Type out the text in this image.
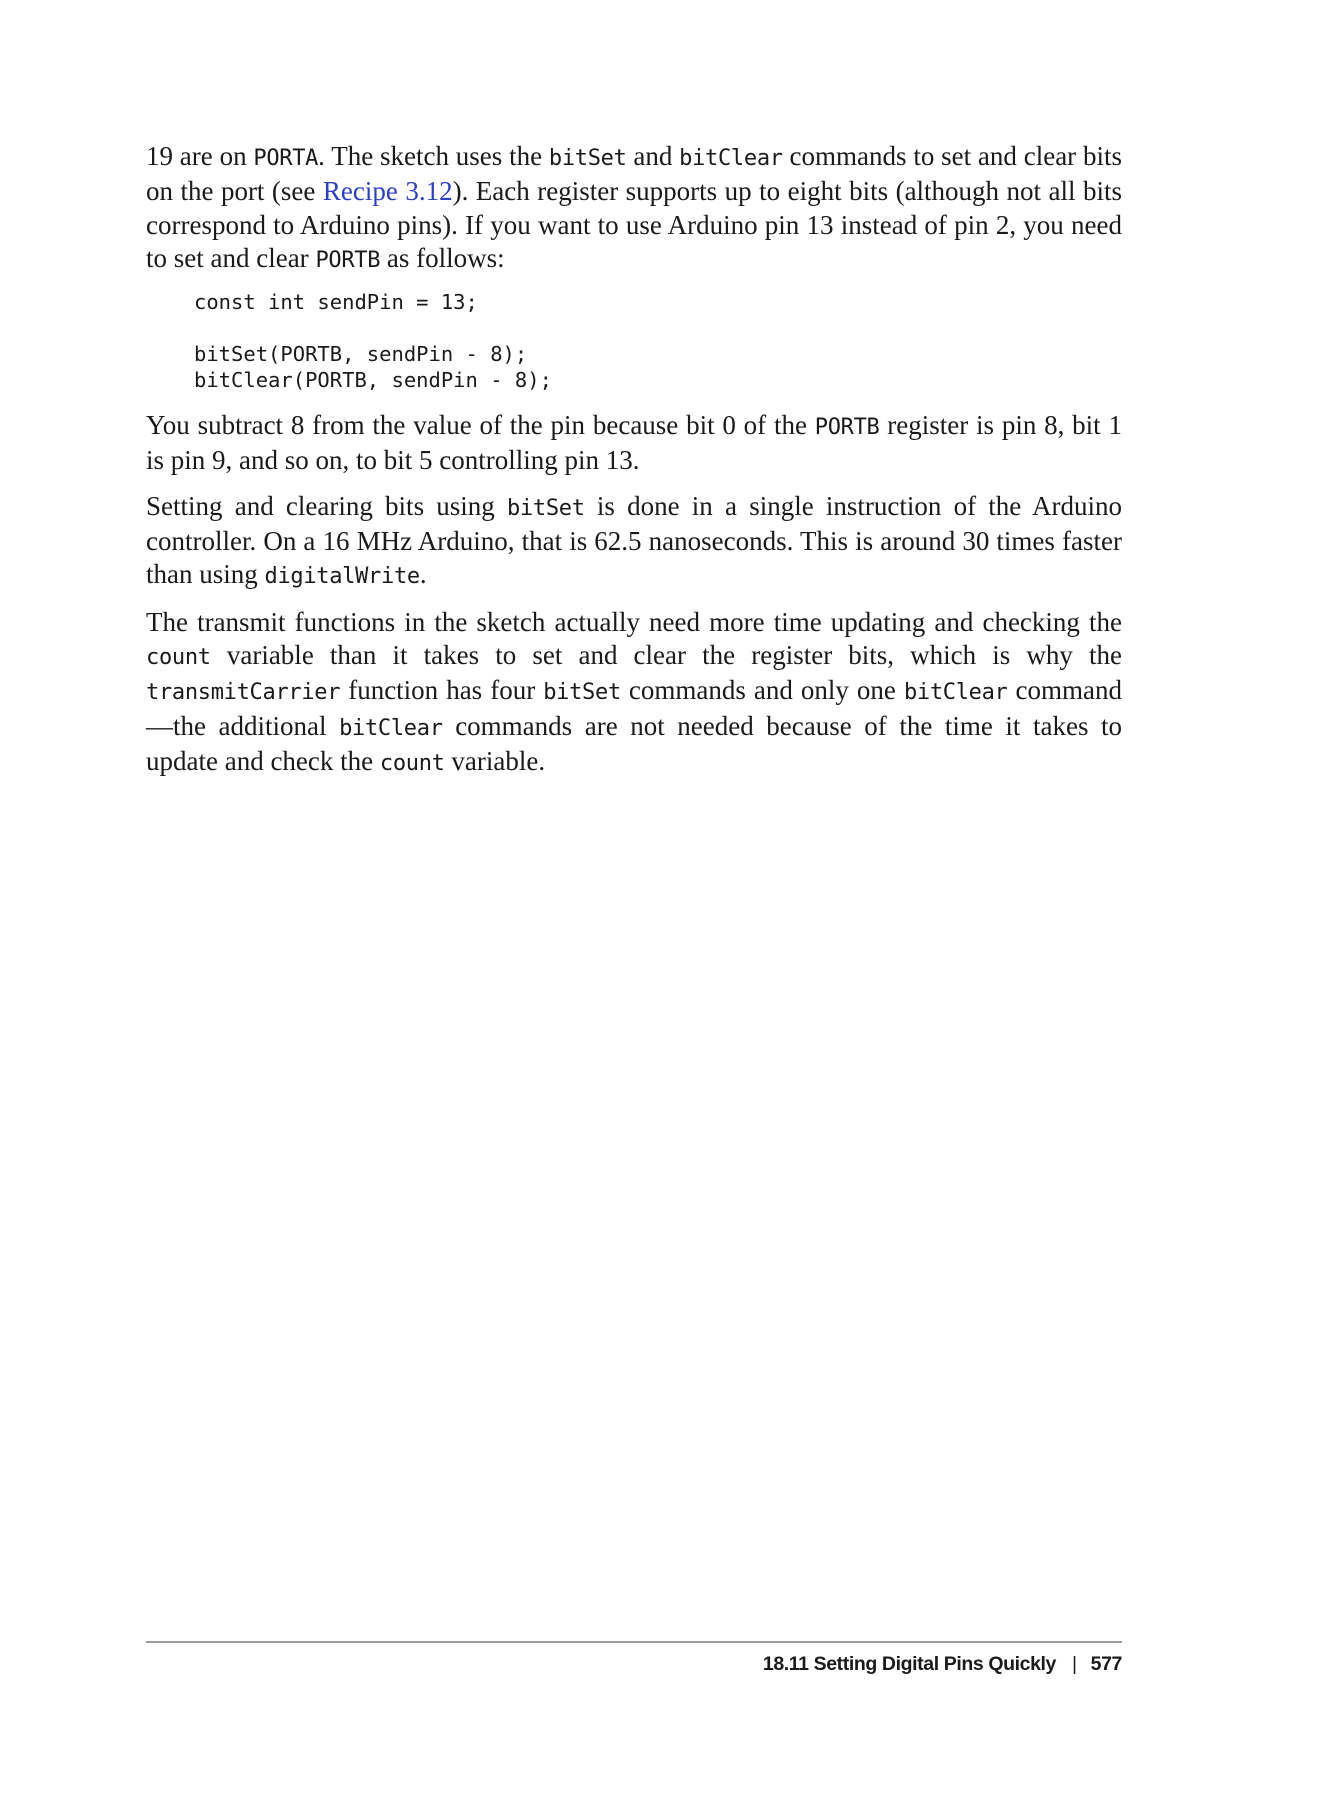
19 are on PORTA. The sketch uses the bitSet and bitClear commands to set and clear bits on the port (see Recipe 3.12). Each register supports up to eight bits (although not all bits correspond to Arduino pins). If you want to use Arduino pin 13 instead of pin 2, you need to set and clear PORTB as follows:

const int sendPin = 13;
bitSet(PORTB, sendPin - 8);
bitClear(PORTB, sendPin - 8);

You subtract 8 from the value of the pin because bit 0 of the PORTB register is pin 8, bit 1 is pin 9, and so on, to bit 5 controlling pin 13.

Setting and clearing bits using bitSet is done in a single instruction of the Arduino controller. On a 16 MHz Arduino, that is 62.5 nanoseconds. This is around 30 times faster than using digitalWrite.

The transmit functions in the sketch actually need more time updating and checking the count variable than it takes to set and clear the register bits, which is why the transmitCarrier function has four bitSet commands and only one bitClear command—the additional bitClear commands are not needed because of the time it takes to update and check the count variable.

18.11 Setting Digital Pins Quickly | 577
